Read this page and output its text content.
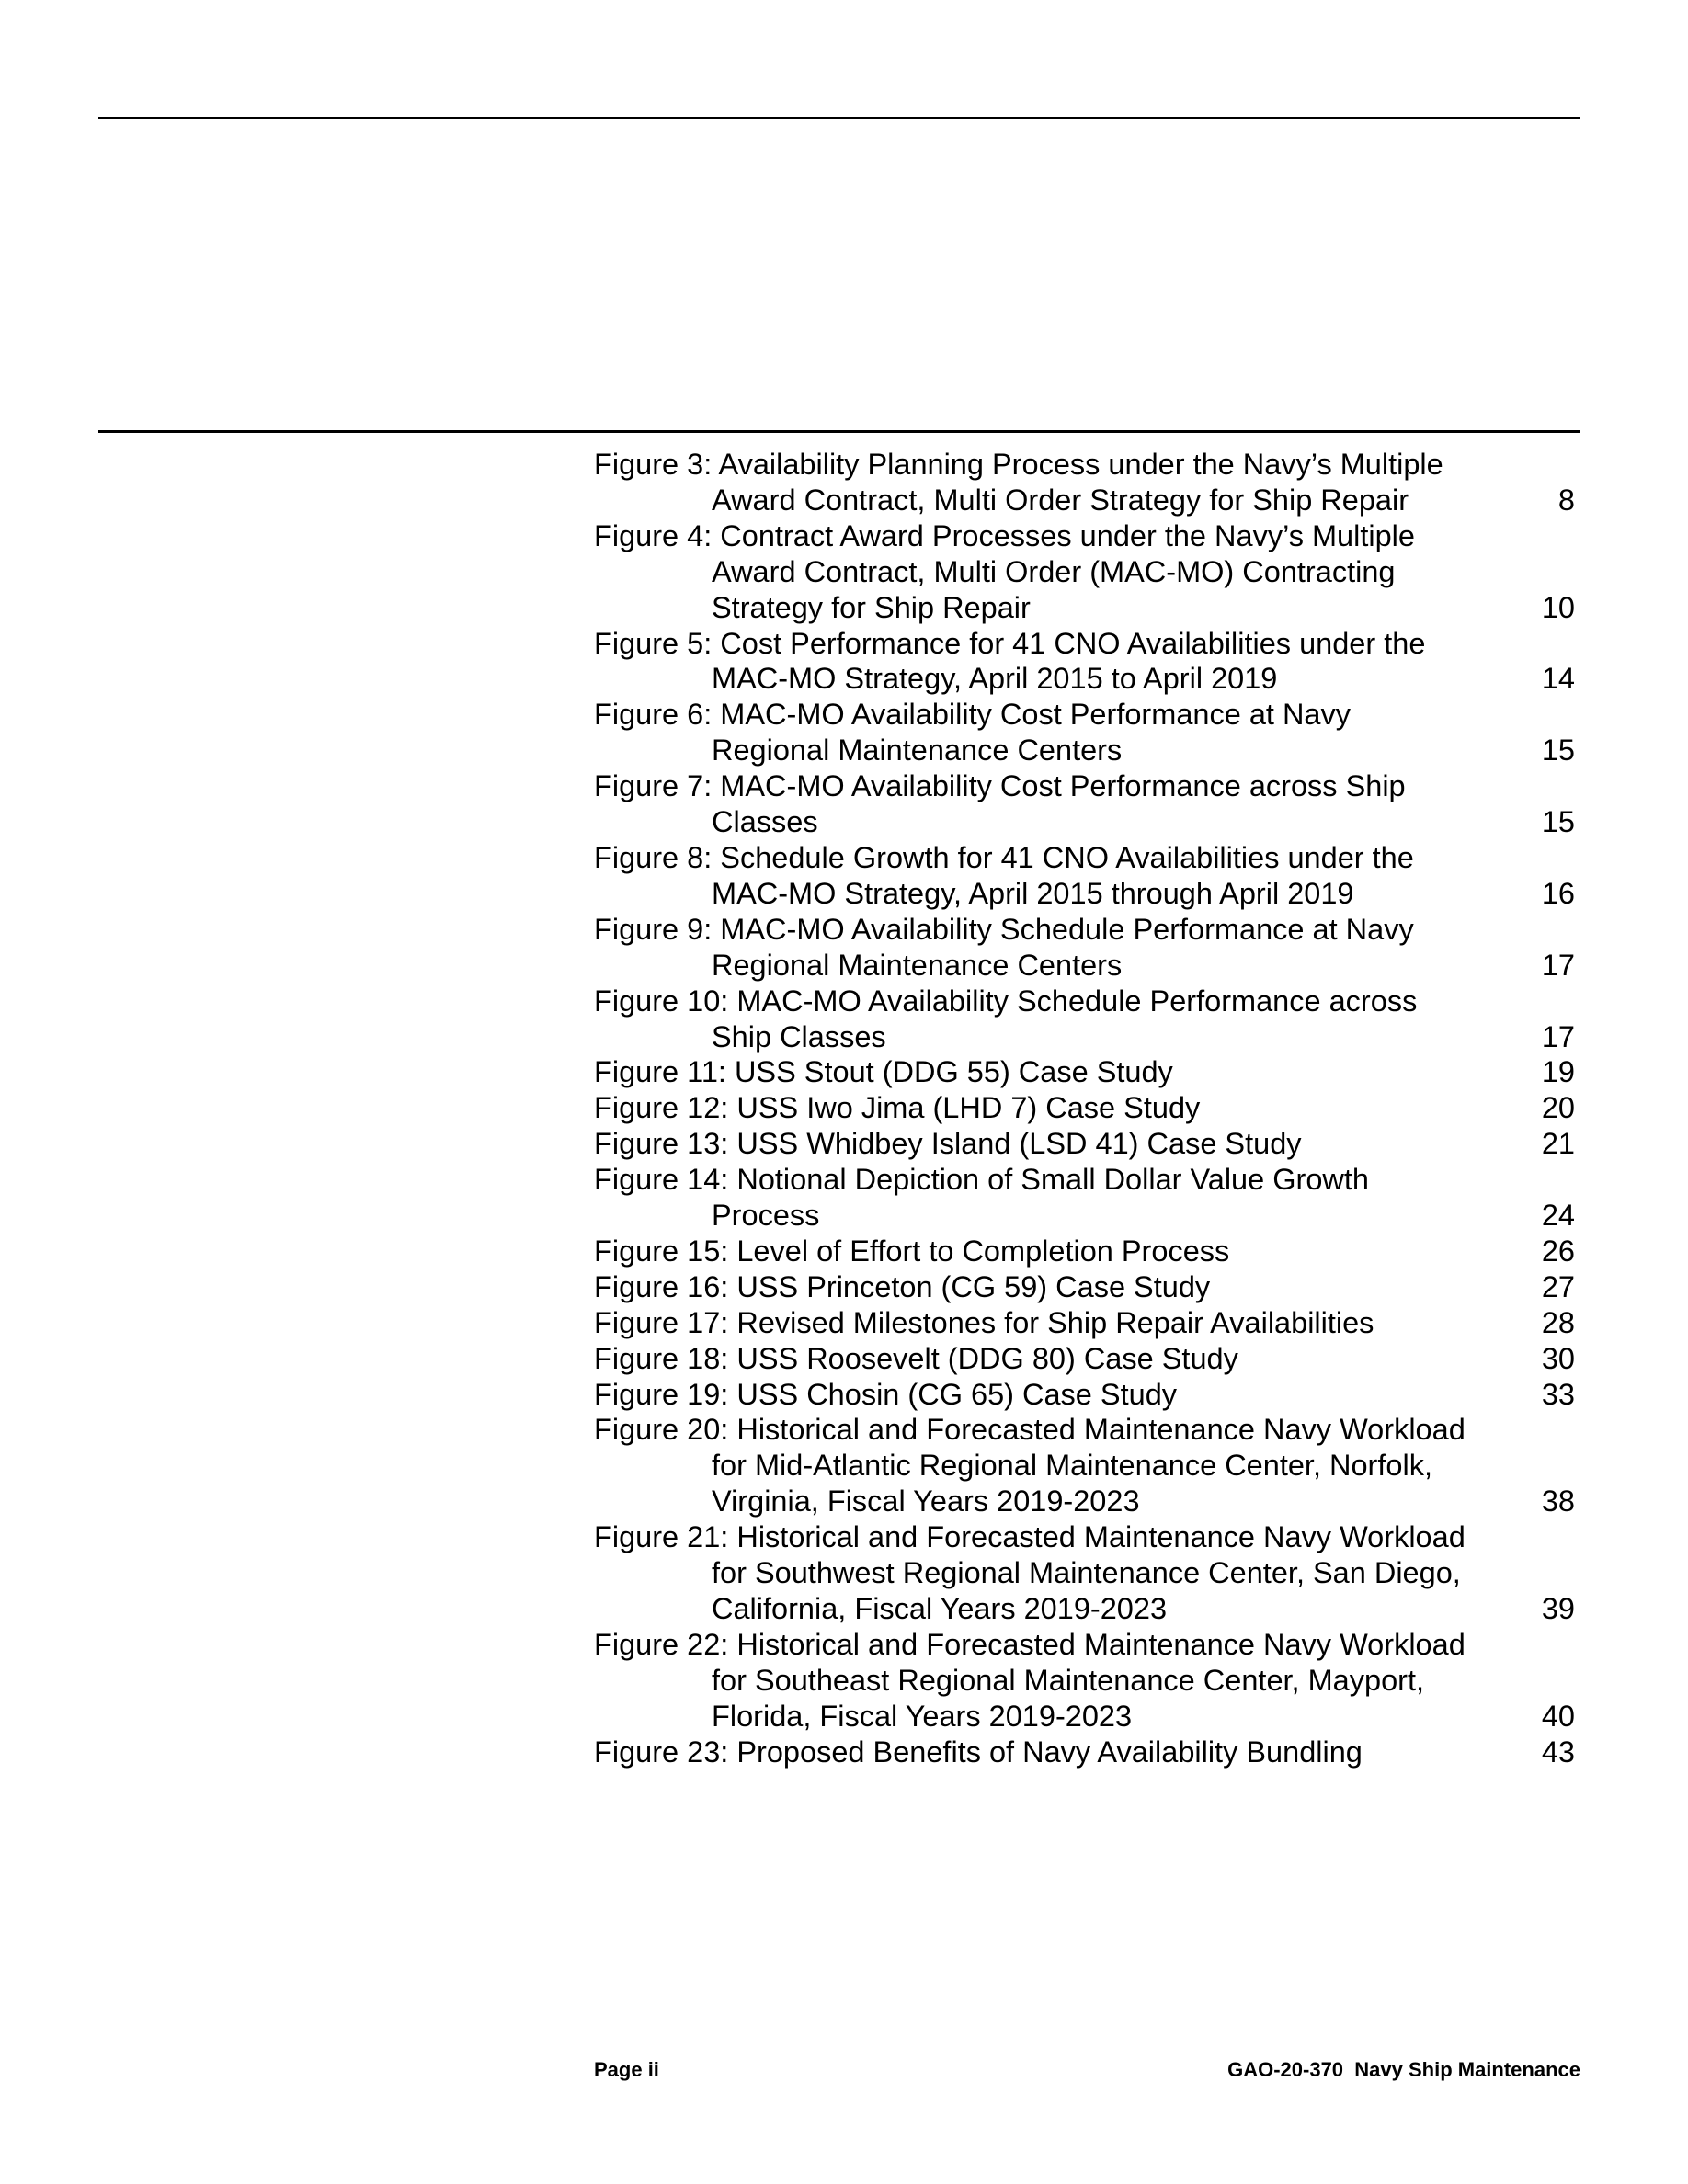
Figure 3: Availability Planning Process under the Navy’s Multiple
Award Contract, Multi Order Strategy for Ship Repair	8
Figure 4: Contract Award Processes under the Navy’s Multiple
Award Contract, Multi Order (MAC-MO) Contracting
Strategy for Ship Repair	10
Figure 5: Cost Performance for 41 CNO Availabilities under the
MAC-MO Strategy, April 2015 to April 2019	14
Figure 6: MAC-MO Availability Cost Performance at Navy
Regional Maintenance Centers	15
Figure 7: MAC-MO Availability Cost Performance across Ship
Classes	15
Figure 8: Schedule Growth for 41 CNO Availabilities under the
MAC-MO Strategy, April 2015 through April 2019	16
Figure 9: MAC-MO Availability Schedule Performance at Navy
Regional Maintenance Centers	17
Figure 10: MAC-MO Availability Schedule Performance across
Ship Classes	17
Figure 11: USS Stout (DDG 55) Case Study	19
Figure 12: USS Iwo Jima (LHD 7) Case Study	20
Figure 13: USS Whidbey Island (LSD 41) Case Study	21
Figure 14: Notional Depiction of Small Dollar Value Growth
Process	24
Figure 15: Level of Effort to Completion Process	26
Figure 16: USS Princeton (CG 59) Case Study	27
Figure 17: Revised Milestones for Ship Repair Availabilities	28
Figure 18: USS Roosevelt (DDG 80) Case Study	30
Figure 19: USS Chosin (CG 65) Case Study	33
Figure 20: Historical and Forecasted Maintenance Navy Workload
for Mid-Atlantic Regional Maintenance Center, Norfolk,
Virginia, Fiscal Years 2019-2023	38
Figure 21: Historical and Forecasted Maintenance Navy Workload
for Southwest Regional Maintenance Center, San Diego,
California, Fiscal Years 2019-2023	39
Figure 22: Historical and Forecasted Maintenance Navy Workload
for Southeast Regional Maintenance Center, Mayport,
Florida, Fiscal Years 2019-2023	40
Figure 23: Proposed Benefits of Navy Availability Bundling	43
Page ii	GAO-20-370  Navy Ship Maintenance
